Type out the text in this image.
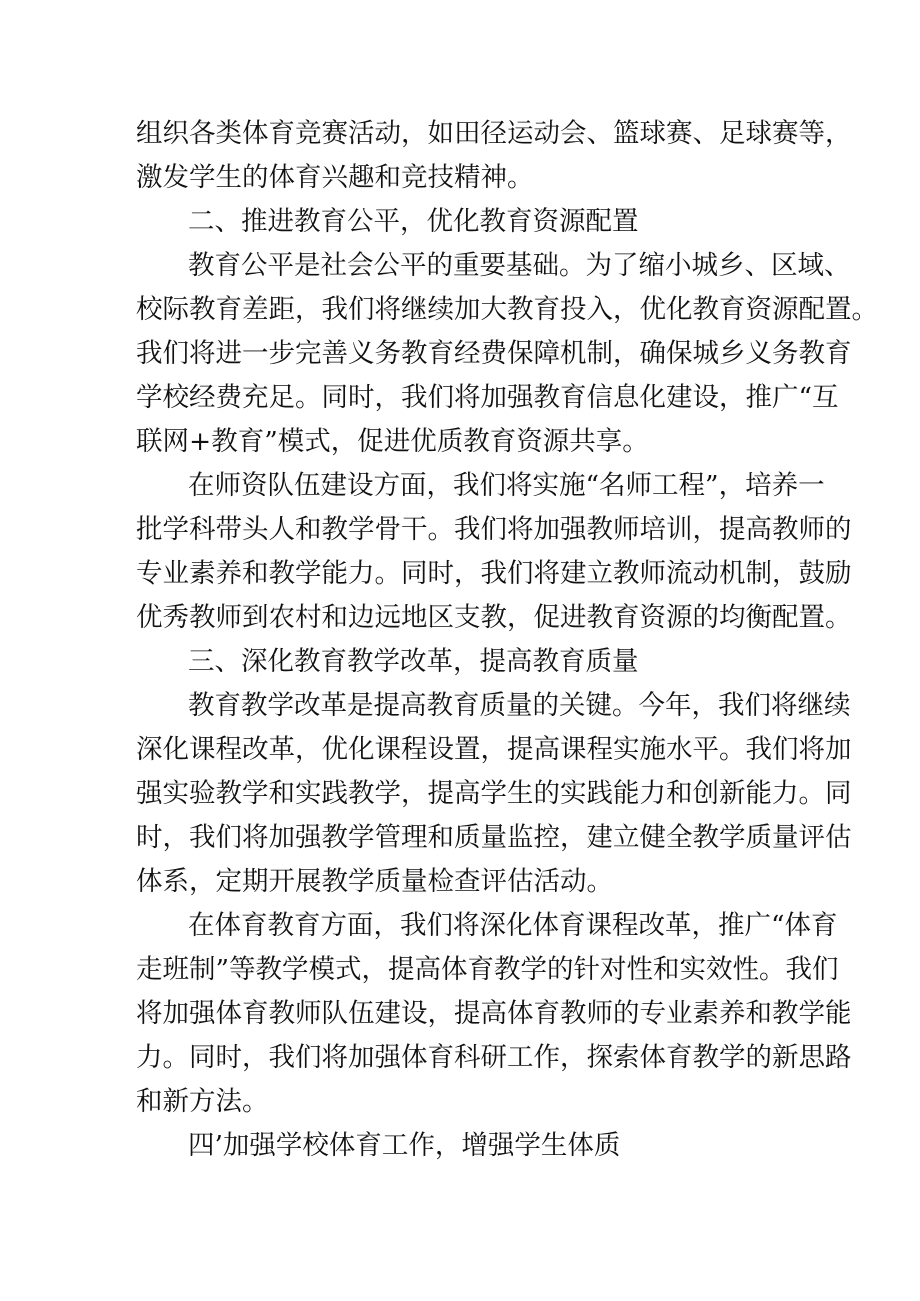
组织各类体育竞赛活动，如田径运动会、篮球赛、足球赛等，
激发学生的体育兴趣和竞技精神。
二、推进教育公平，优化教育资源配置
教育公平是社会公平的重要基础。为了缩小城乡、区域、
校际教育差距，我们将继续加大教育投入，优化教育资源配置。
我们将进一步完善义务教育经费保障机制，确保城乡义务教育
学校经费充足。同时，我们将加强教育信息化建设，推广“互
联网+教育”模式，促进优质教育资源共享。
在师资队伍建设方面，我们将实施“名师工程”，培养一
批学科带头人和教学骨干。我们将加强教师培训，提高教师的
专业素养和教学能力。同时，我们将建立教师流动机制，鼓励
优秀教师到农村和边远地区支教，促进教育资源的均衡配置。
三、深化教育教学改革，提高教育质量
教育教学改革是提高教育质量的关键。今年，我们将继续
深化课程改革，优化课程设置，提高课程实施水平。我们将加
强实验教学和实践教学，提高学生的实践能力和创新能力。同
时，我们将加强教学管理和质量监控，建立健全教学质量评估
体系，定期开展教学质量检查评估活动。
在体育教育方面，我们将深化体育课程改革，推广“体育
走班制”等教学模式，提高体育教学的针对性和实效性。我们
将加强体育教师队伍建设，提高体育教师的专业素养和教学能
力。同时，我们将加强体育科研工作，探索体育教学的新思路
和新方法。
四’加强学校体育工作，增强学生体质
